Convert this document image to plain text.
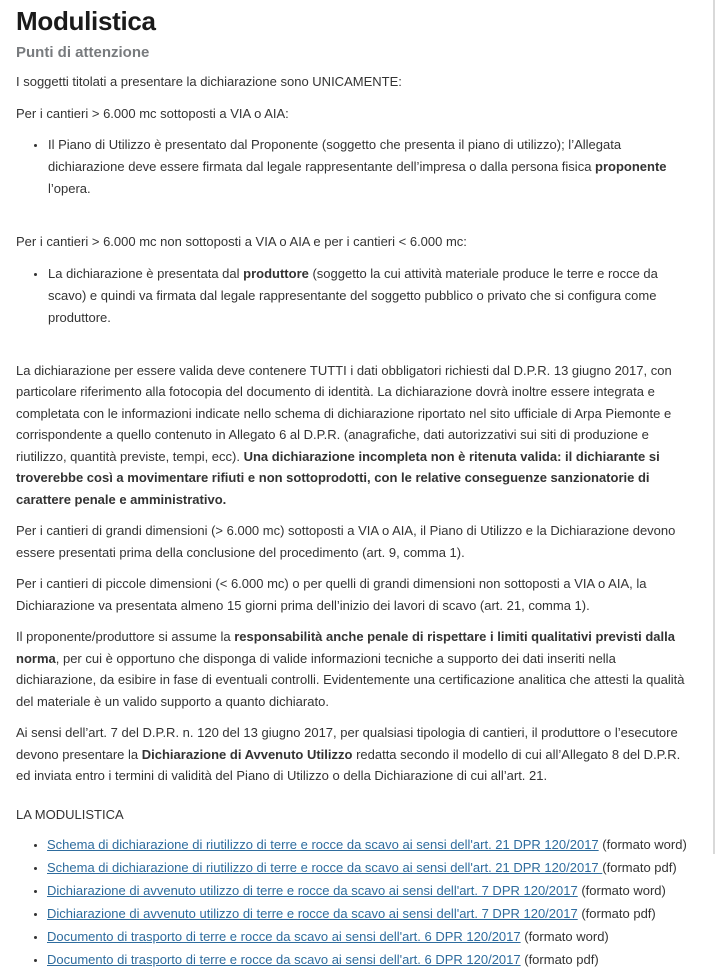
Modulistica
Punti di attenzione

I soggetti titolati a presentare la dichiarazione sono UNICAMENTE:

Per i cantieri > 6.000 mc sottoposti a VIA o AIA:

• Il Piano di Utilizzo è presentato dal Proponente (soggetto che presenta il piano di utilizzo); l’Allegata dichiarazione deve essere firmata dal legale rappresentante dell’impresa o dalla persona fisica proponente l’opera.

Per i cantieri > 6.000 mc non sottoposti a VIA o AIA e per i cantieri < 6.000 mc:

• La dichiarazione è presentata dal produttore (soggetto la cui attività materiale produce le terre e rocce da scavo) e quindi va firmata dal legale rappresentante del soggetto pubblico o privato che si configura come produttore.

La dichiarazione per essere valida deve contenere TUTTI i dati obbligatori richiesti dal D.P.R. 13 giugno 2017, con particolare riferimento alla fotocopia del documento di identità. La dichiarazione dovrà inoltre essere integrata e completata con le informazioni indicate nello schema di dichiarazione riportato nel sito ufficiale di Arpa Piemonte e corrispondente a quello contenuto in Allegato 6 al D.P.R. (anagrafiche, dati autorizzativi sui siti di produzione e riutilizzo, quantità previste, tempi, ecc). Una dichiarazione incompleta non è ritenuta valida: il dichiarante si troverebbe così a movimentare rifiuti e non sottoprodotti, con le relative conseguenze sanzionatorie di carattere penale e amministrativo.

Per i cantieri di grandi dimensioni (> 6.000 mc) sottoposti a VIA o AIA, il Piano di Utilizzo e la Dichiarazione devono essere presentati prima della conclusione del procedimento (art. 9, comma 1).

Per i cantieri di piccole dimensioni (< 6.000 mc) o per quelli di grandi dimensioni non sottoposti a VIA o AIA, la Dichiarazione va presentata almeno 15 giorni prima dell’inizio dei lavori di scavo (art. 21, comma 1).

Il proponente/produttore si assume la responsabilità anche penale di rispettare i limiti qualitativi previsti dalla norma, per cui è opportuno che disponga di valide informazioni tecniche a supporto dei dati inseriti nella dichiarazione, da esibire in fase di eventuali controlli. Evidentemente una certificazione analitica che attesti la qualità del materiale è un valido supporto a quanto dichiarato.

Ai sensi dell’art. 7 del D.P.R. n. 120 del 13 giugno 2017, per qualsiasi tipologia di cantieri, il produttore o l’esecutore devono presentare la Dichiarazione di Avvenuto Utilizzo redatta secondo il modello di cui all’Allegato 8 del D.P.R. ed inviata entro i termini di validità del Piano di Utilizzo o della Dichiarazione di cui all’art. 21.

LA MODULISTICA

• Schema di dichiarazione di riutilizzo di terre e rocce da scavo ai sensi dell'art. 21 DPR 120/2017 (formato word)
• Schema di dichiarazione di riutilizzo di terre e rocce da scavo ai sensi dell'art. 21 DPR 120/2017 (formato pdf)
• Dichiarazione di avvenuto utilizzo di terre e rocce da scavo ai sensi dell'art. 7 DPR 120/2017 (formato word)
• Dichiarazione di avvenuto utilizzo di terre e rocce da scavo ai sensi dell'art. 7 DPR 120/2017 (formato pdf)
• Documento di trasporto di terre e rocce da scavo ai sensi dell'art. 6 DPR 120/2017 (formato word)
• Documento di trasporto di terre e rocce da scavo ai sensi dell'art. 6 DPR 120/2017 (formato pdf)
